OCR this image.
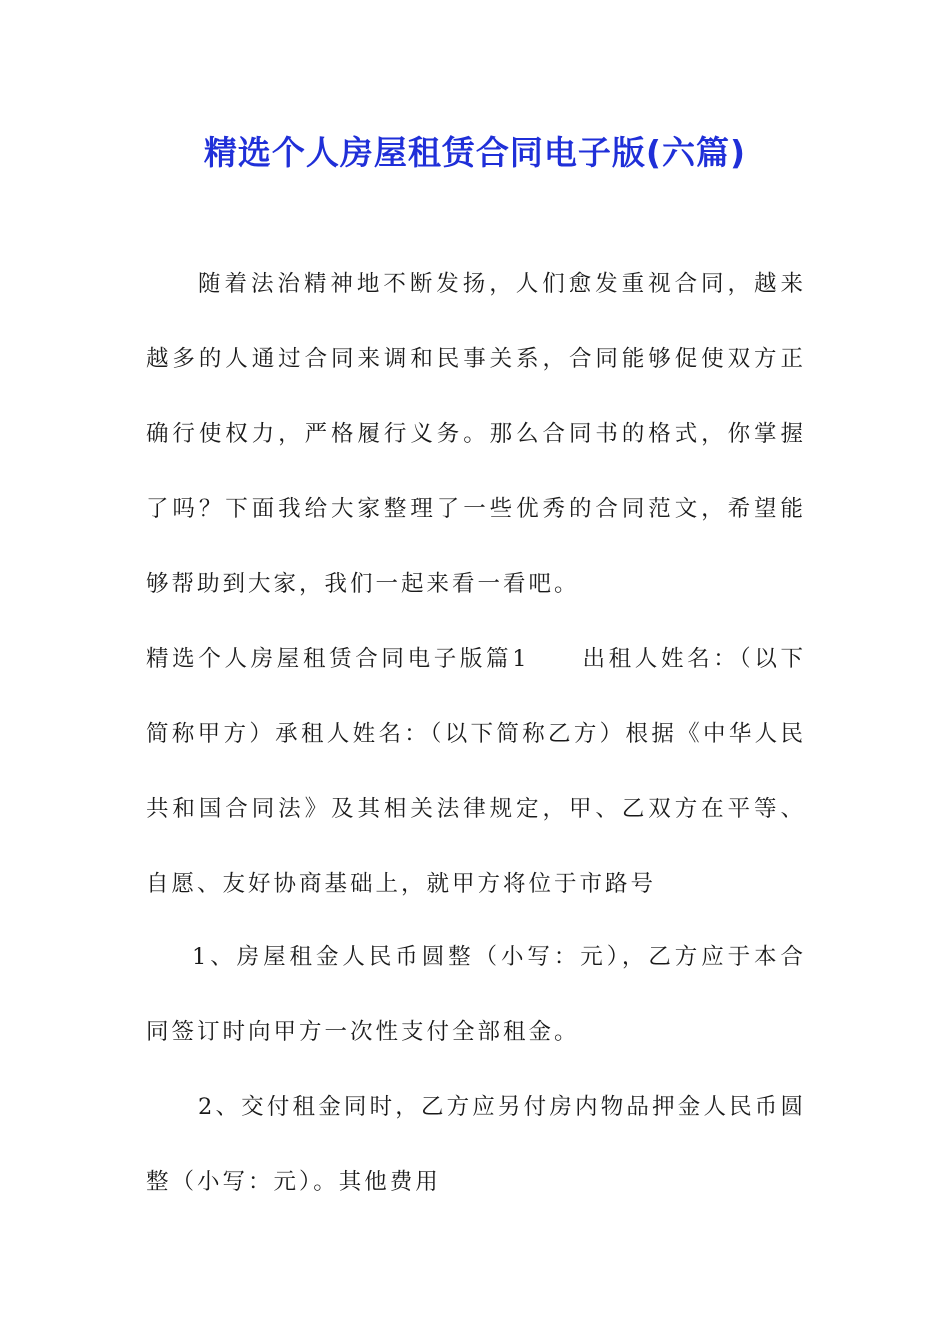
精选个人房屋租赁合同电子版(六篇)

随着法治精神地不断发扬，人们愈发重视合同，越来越多的人通过合同来调和民事关系，合同能够促使双方正确行使权力，严格履行义务。那么合同书的格式，你掌握了吗？下面我给大家整理了一些优秀的合同范文，希望能够帮助到大家，我们一起来看一看吧。

精选个人房屋租赁合同电子版篇1　　出租人姓名：（以下简称甲方）承租人姓名：（以下简称乙方）根据《中华人民共和国合同法》及其相关法律规定，甲、乙双方在平等、自愿、友好协商基础上，就甲方将位于市路号

1、房屋租金人民币圆整（小写：元），乙方应于本合同签订时向甲方一次性支付全部租金。

2、交付租金同时，乙方应另付房内物品押金人民币圆整（小写：元）。其他费用
